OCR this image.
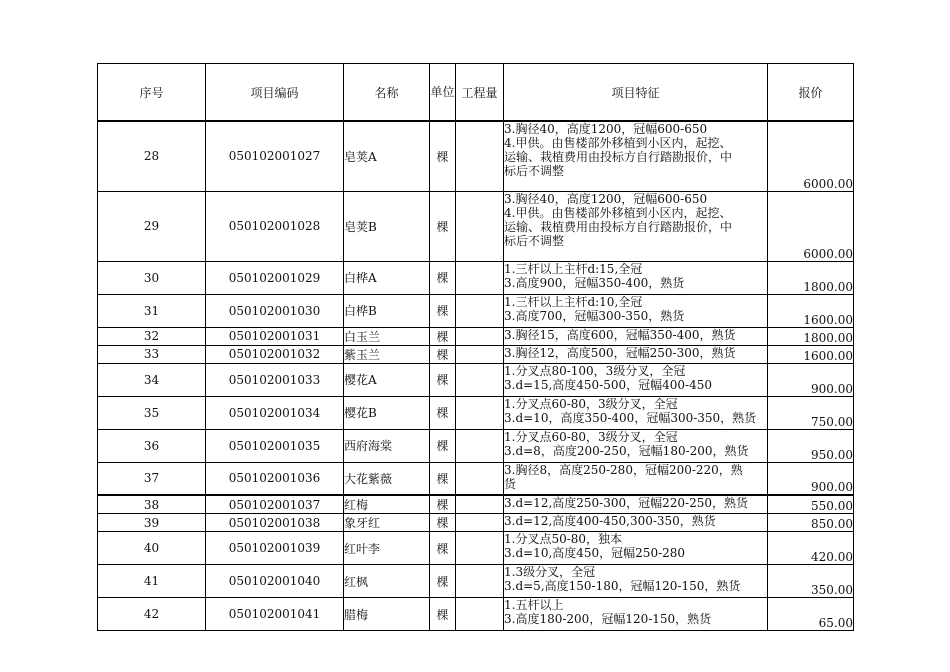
序号	项目编码	名称	单位	工程量	项目特征	报价
28	050102001027	皂荚A	棵		3.胸径40，高度1200，冠幅600-650
4.甲供。由售楼部外移植到小区内，起挖、
运输、栽植费用由投标方自行踏勘报价，中
标后不调整	6000.00
29	050102001028	皂荚B	棵		3.胸径40，高度1200，冠幅600-650
4.甲供。由售楼部外移植到小区内，起挖、
运输、栽植费用由投标方自行踏勘报价，中
标后不调整	6000.00
30	050102001029	白桦A	棵		1.三杆以上主杆d:15,全冠
3.高度900，冠幅350-400，熟货	1800.00
31	050102001030	白桦B	棵		1.三杆以上主杆d:10,全冠
3.高度700，冠幅300-350，熟货	1600.00
32	050102001031	白玉兰	棵		3.胸径15，高度600，冠幅350-400，熟货	1800.00
33	050102001032	紫玉兰	棵		3.胸径12，高度500，冠幅250-300，熟货	1600.00
34	050102001033	樱花A	棵		1.分叉点80-100，3级分叉，全冠
3.d=15,高度450-500，冠幅400-450	900.00
35	050102001034	樱花B	棵		1.分叉点60-80，3级分叉，全冠
3.d=10，高度350-400，冠幅300-350，熟货	750.00
36	050102001035	西府海棠	棵		1.分叉点60-80，3级分叉，全冠
3.d=8，高度200-250，冠幅180-200，熟货	950.00
37	050102001036	大花紫薇	棵		3.胸径8，高度250-280，冠幅200-220，熟
货	900.00
38	050102001037	红梅	棵		3.d=12,高度250-300，冠幅220-250，熟货	550.00
39	050102001038	象牙红	棵		3.d=12,高度400-450,300-350，熟货	850.00
40	050102001039	红叶李	棵		1.分叉点50-80，独本
3.d=10,高度450，冠幅250-280	420.00
41	050102001040	红枫	棵		1.3级分叉，全冠
3.d=5,高度150-180，冠幅120-150，熟货	350.00
42	050102001041	腊梅	棵		1.五杆以上
3.高度180-200，冠幅120-150，熟货	65.00
